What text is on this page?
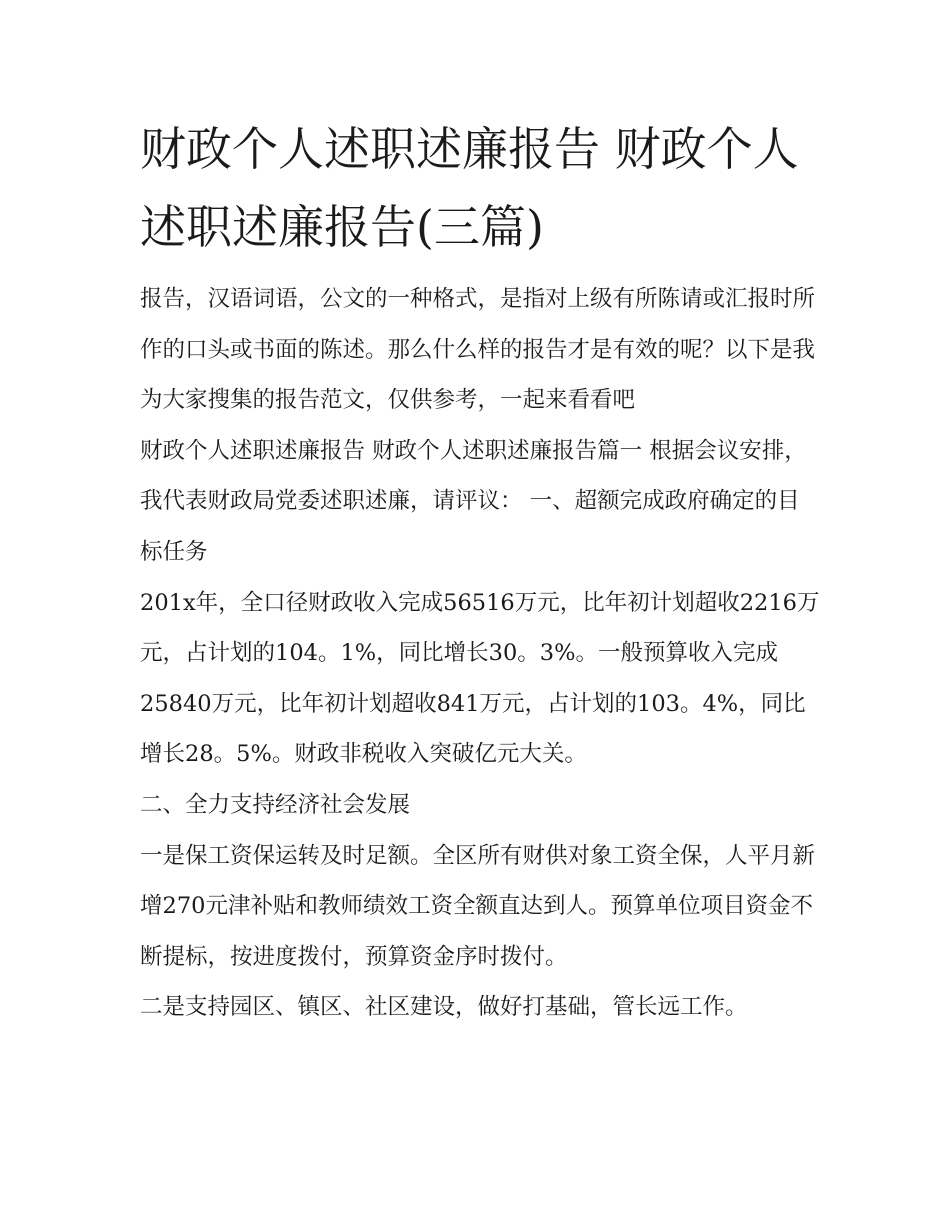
财政个人述职述廉报告 财政个人述职述廉报告(三篇)

报告，汉语词语，公文的一种格式，是指对上级有所陈请或汇报时所作的口头或书面的陈述。那么什么样的报告才是有效的呢？以下是我为大家搜集的报告范文，仅供参考，一起来看看吧

财政个人述职述廉报告 财政个人述职述廉报告篇一 根据会议安排，我代表财政局党委述职述廉，请评议： 一、超额完成政府确定的目标任务

201x年，全口径财政收入完成56516万元，比年初计划超收2216万元，占计划的104。1%，同比增长30。3%。一般预算收入完成25840万元，比年初计划超收841万元，占计划的103。4%，同比增长28。5%。财政非税收入突破亿元大关。

二、全力支持经济社会发展

一是保工资保运转及时足额。全区所有财供对象工资全保，人平月新增270元津补贴和教师绩效工资全额直达到人。预算单位项目资金不断提标，按进度拨付，预算资金序时拨付。

二是支持园区、镇区、社区建设，做好打基础，管长远工作。
